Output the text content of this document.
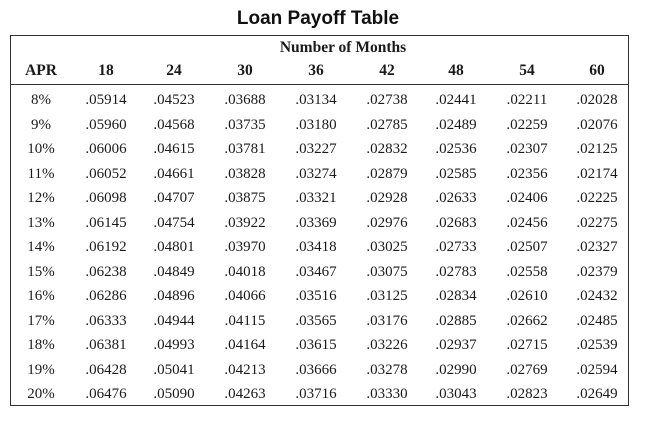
Loan Payoff Table
Number of Months
APR	18	24	30	36	42	48	54	60
8% .05914 .04523 .03688 .03134 .02738 .02441 .02211 .02028
9% .05960 .04568 .03735 .03180 .02785 .02489 .02259 .02076
10% .06006 .04615 .03781 .03227 .02832 .02536 .02307 .02125
11% .06052 .04661 .03828 .03274 .02879 .02585 .02356 .02174
12% .06098 .04707 .03875 .03321 .02928 .02633 .02406 .02225
13% .06145 .04754 .03922 .03369 .02976 .02683 .02456 .02275
14% .06192 .04801 .03970 .03418 .03025 .02733 .02507 .02327
15% .06238 .04849 .04018 .03467 .03075 .02783 .02558 .02379
16% .06286 .04896 .04066 .03516 .03125 .02834 .02610 .02432
17% .06333 .04944 .04115 .03565 .03176 .02885 .02662 .02485
18% .06381 .04993 .04164 .03615 .03226 .02937 .02715 .02539
19% .06428 .05041 .04213 .03666 .03278 .02990 .02769 .02594
20% .06476 .05090 .04263 .03716 .03330 .03043 .02823 .02649
